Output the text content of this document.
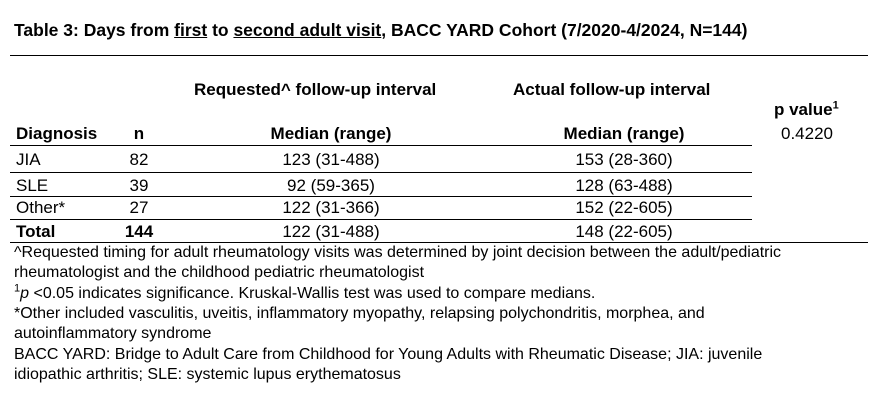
Table 3: Days from first to second adult visit, BACC YARD Cohort (7/2020-4/2024, N=144)
Requested^ follow-up interval	Actual follow-up interval
p value$^1$
Diagnosis n	Median (range)	Median (range)	0.4220
JIA	82	123 (31-488)	153 (28-360)
SLE	39	92 (59-365)	128 (63-488)
Other*	27	122 (31-366)	152 (22-605)
Total	144	122 (31-488)	148 (22-605)
^Requested timing for adult rheumatology visits was determined by joint decision between the adult/pediatric
rheumatologist and the childhood pediatric rheumatologist
$^1$p <0.05 indicates significance. Kruskal-Wallis test was used to compare medians.
*Other included vasculitis, uveitis, inflammatory myopathy, relapsing polychondritis, morphea, and
autoinflammatory syndrome
BACC YARD: Bridge to Adult Care from Childhood for Young Adults with Rheumatic Disease; JIA: juvenile
idiopathic arthritis; SLE: systemic lupus erythematosus
